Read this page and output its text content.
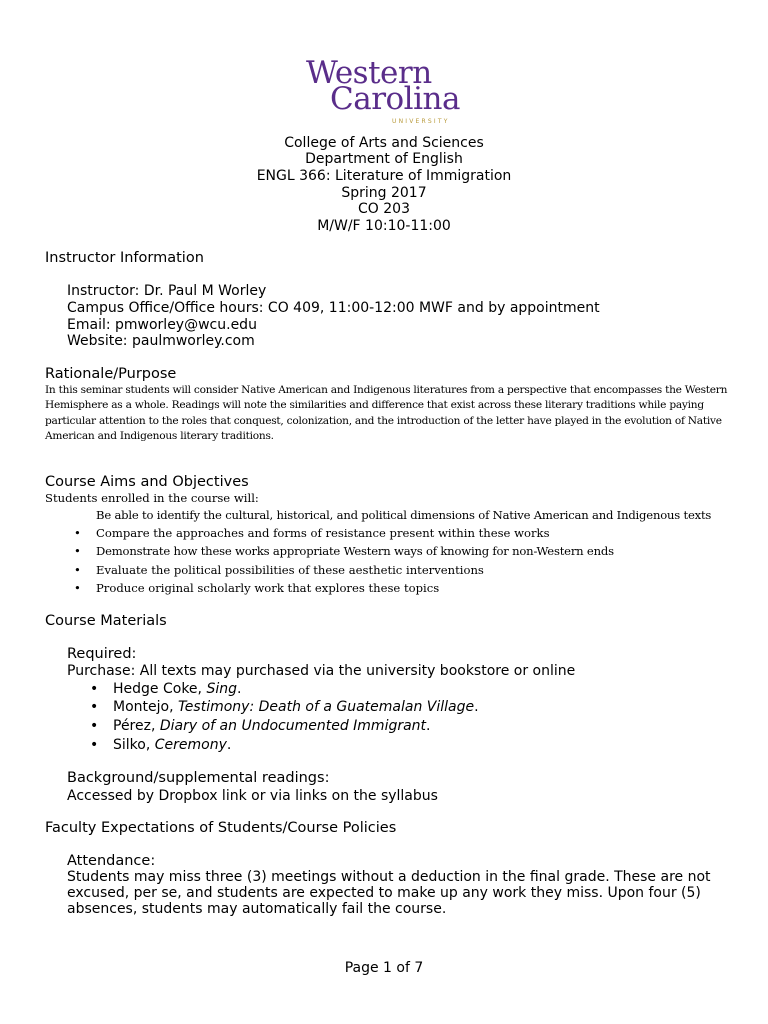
Western
Carolina
UNIVERSITY
College of Arts and Sciences
Department of English
ENGL 366: Literature of Immigration
Spring 2017
CO 203
M/W/F 10:10-11:00
Instructor Information
Instructor: Dr. Paul M Worley
Campus Office/Office hours: CO 409, 11:00-12:00 MWF and by appointment
Email: pmworley@wcu.edu
Website: paulmworley.com
Rationale/Purpose
In this seminar students will consider Native American and Indigenous literatures from a perspective that encompasses the Western Hemisphere as a whole. Readings will note the similarities and difference that exist across these literary traditions while paying particular attention to the roles that conquest, colonization, and the introduction of the letter have played in the evolution of Native American and Indigenous literary traditions.
Course Aims and Objectives
Students enrolled in the course will:
Be able to identify the cultural, historical, and political dimensions of Native American and Indigenous texts
• Compare the approaches and forms of resistance present within these works
• Demonstrate how these works appropriate Western ways of knowing for non-Western ends
• Evaluate the political possibilities of these aesthetic interventions
• Produce original scholarly work that explores these topics
Course Materials
Required:
Purchase: All texts may purchased via the university bookstore or online
• Hedge Coke, Sing.
• Montejo, Testimony: Death of a Guatemalan Village.
• Pérez, Diary of an Undocumented Immigrant.
• Silko, Ceremony.
Background/supplemental readings:
Accessed by Dropbox link or via links on the syllabus
Faculty Expectations of Students/Course Policies
Attendance:
Students may miss three (3) meetings without a deduction in the final grade. These are not excused, per se, and students are expected to make up any work they miss. Upon four (5) absences, students may automatically fail the course.
Page 1 of 7
